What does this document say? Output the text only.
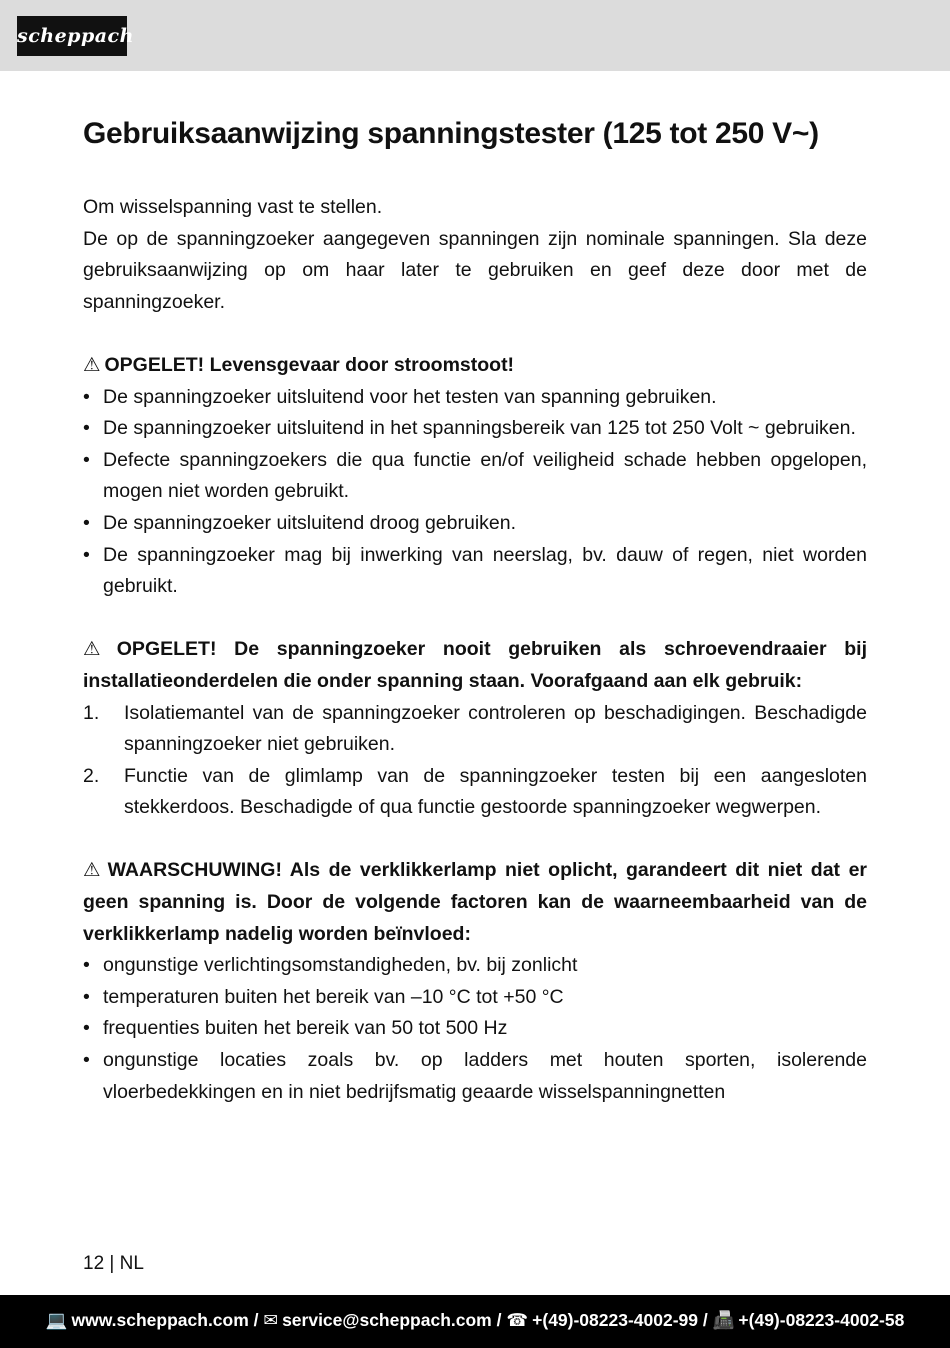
scheppach
Gebruiksaanwijzing spanningstester (125 tot 250 V~)

Om wisselspanning vast te stellen.

De op de spanningzoeker aangegeven spanningen zijn nominale spanningen. Sla deze gebruiksaanwijzing op om haar later te gebruiken en geef deze door met de spanningzoeker.

⚠ OPGELET! Levensgevaar door stroomstoot!

• De spanningzoeker uitsluitend voor het testen van spanning gebruiken.
• De spanningzoeker uitsluitend in het spanningsbereik van 125 tot 250 Volt ~ gebruiken.
• Defecte spanningzoekers die qua functie en/of veiligheid schade hebben opgelopen, mogen niet worden gebruikt.
• De spanningzoeker uitsluitend droog gebruiken.
• De spanningzoeker mag bij inwerking van neerslag, bv. dauw of regen, niet worden gebruikt.

⚠ OPGELET! De spanningzoeker nooit gebruiken als schroevendraaier bij installatieonderdelen die onder spanning staan. Voorafgaand aan elk gebruik:

1. Isolatiemantel van de spanningzoeker controleren op beschadigingen. Beschadigde spanningzoeker niet gebruiken.
2. Functie van de glimlamp van de spanningzoeker testen bij een aangesloten stekkerdoos. Beschadigde of qua functie gestoorde spanningzoeker wegwerpen.

⚠ WAARSCHUWING! Als de verklikkerlamp niet oplicht, garandeert dit niet dat er geen spanning is. Door de volgende factoren kan de waarneembaarheid van de verklikkerlamp nadelig worden beïnvloed:

• ongunstige verlichtingsomstandigheden, bv. bij zonlicht
• temperaturen buiten het bereik van –10 °C tot +50 °C
• frequenties buiten het bereik van 50 tot 500 Hz
• ongunstige locaties zoals bv. op ladders met houten sporten, isolerende vloerbedekkingen en in niet bedrijfsmatig geaarde wisselspanningnetten
12 | NL
💻 www.scheppach.com / ✉ service@scheppach.com / ☎ +(49)-08223-4002-99 / 📠 +(49)-08223-4002-58
